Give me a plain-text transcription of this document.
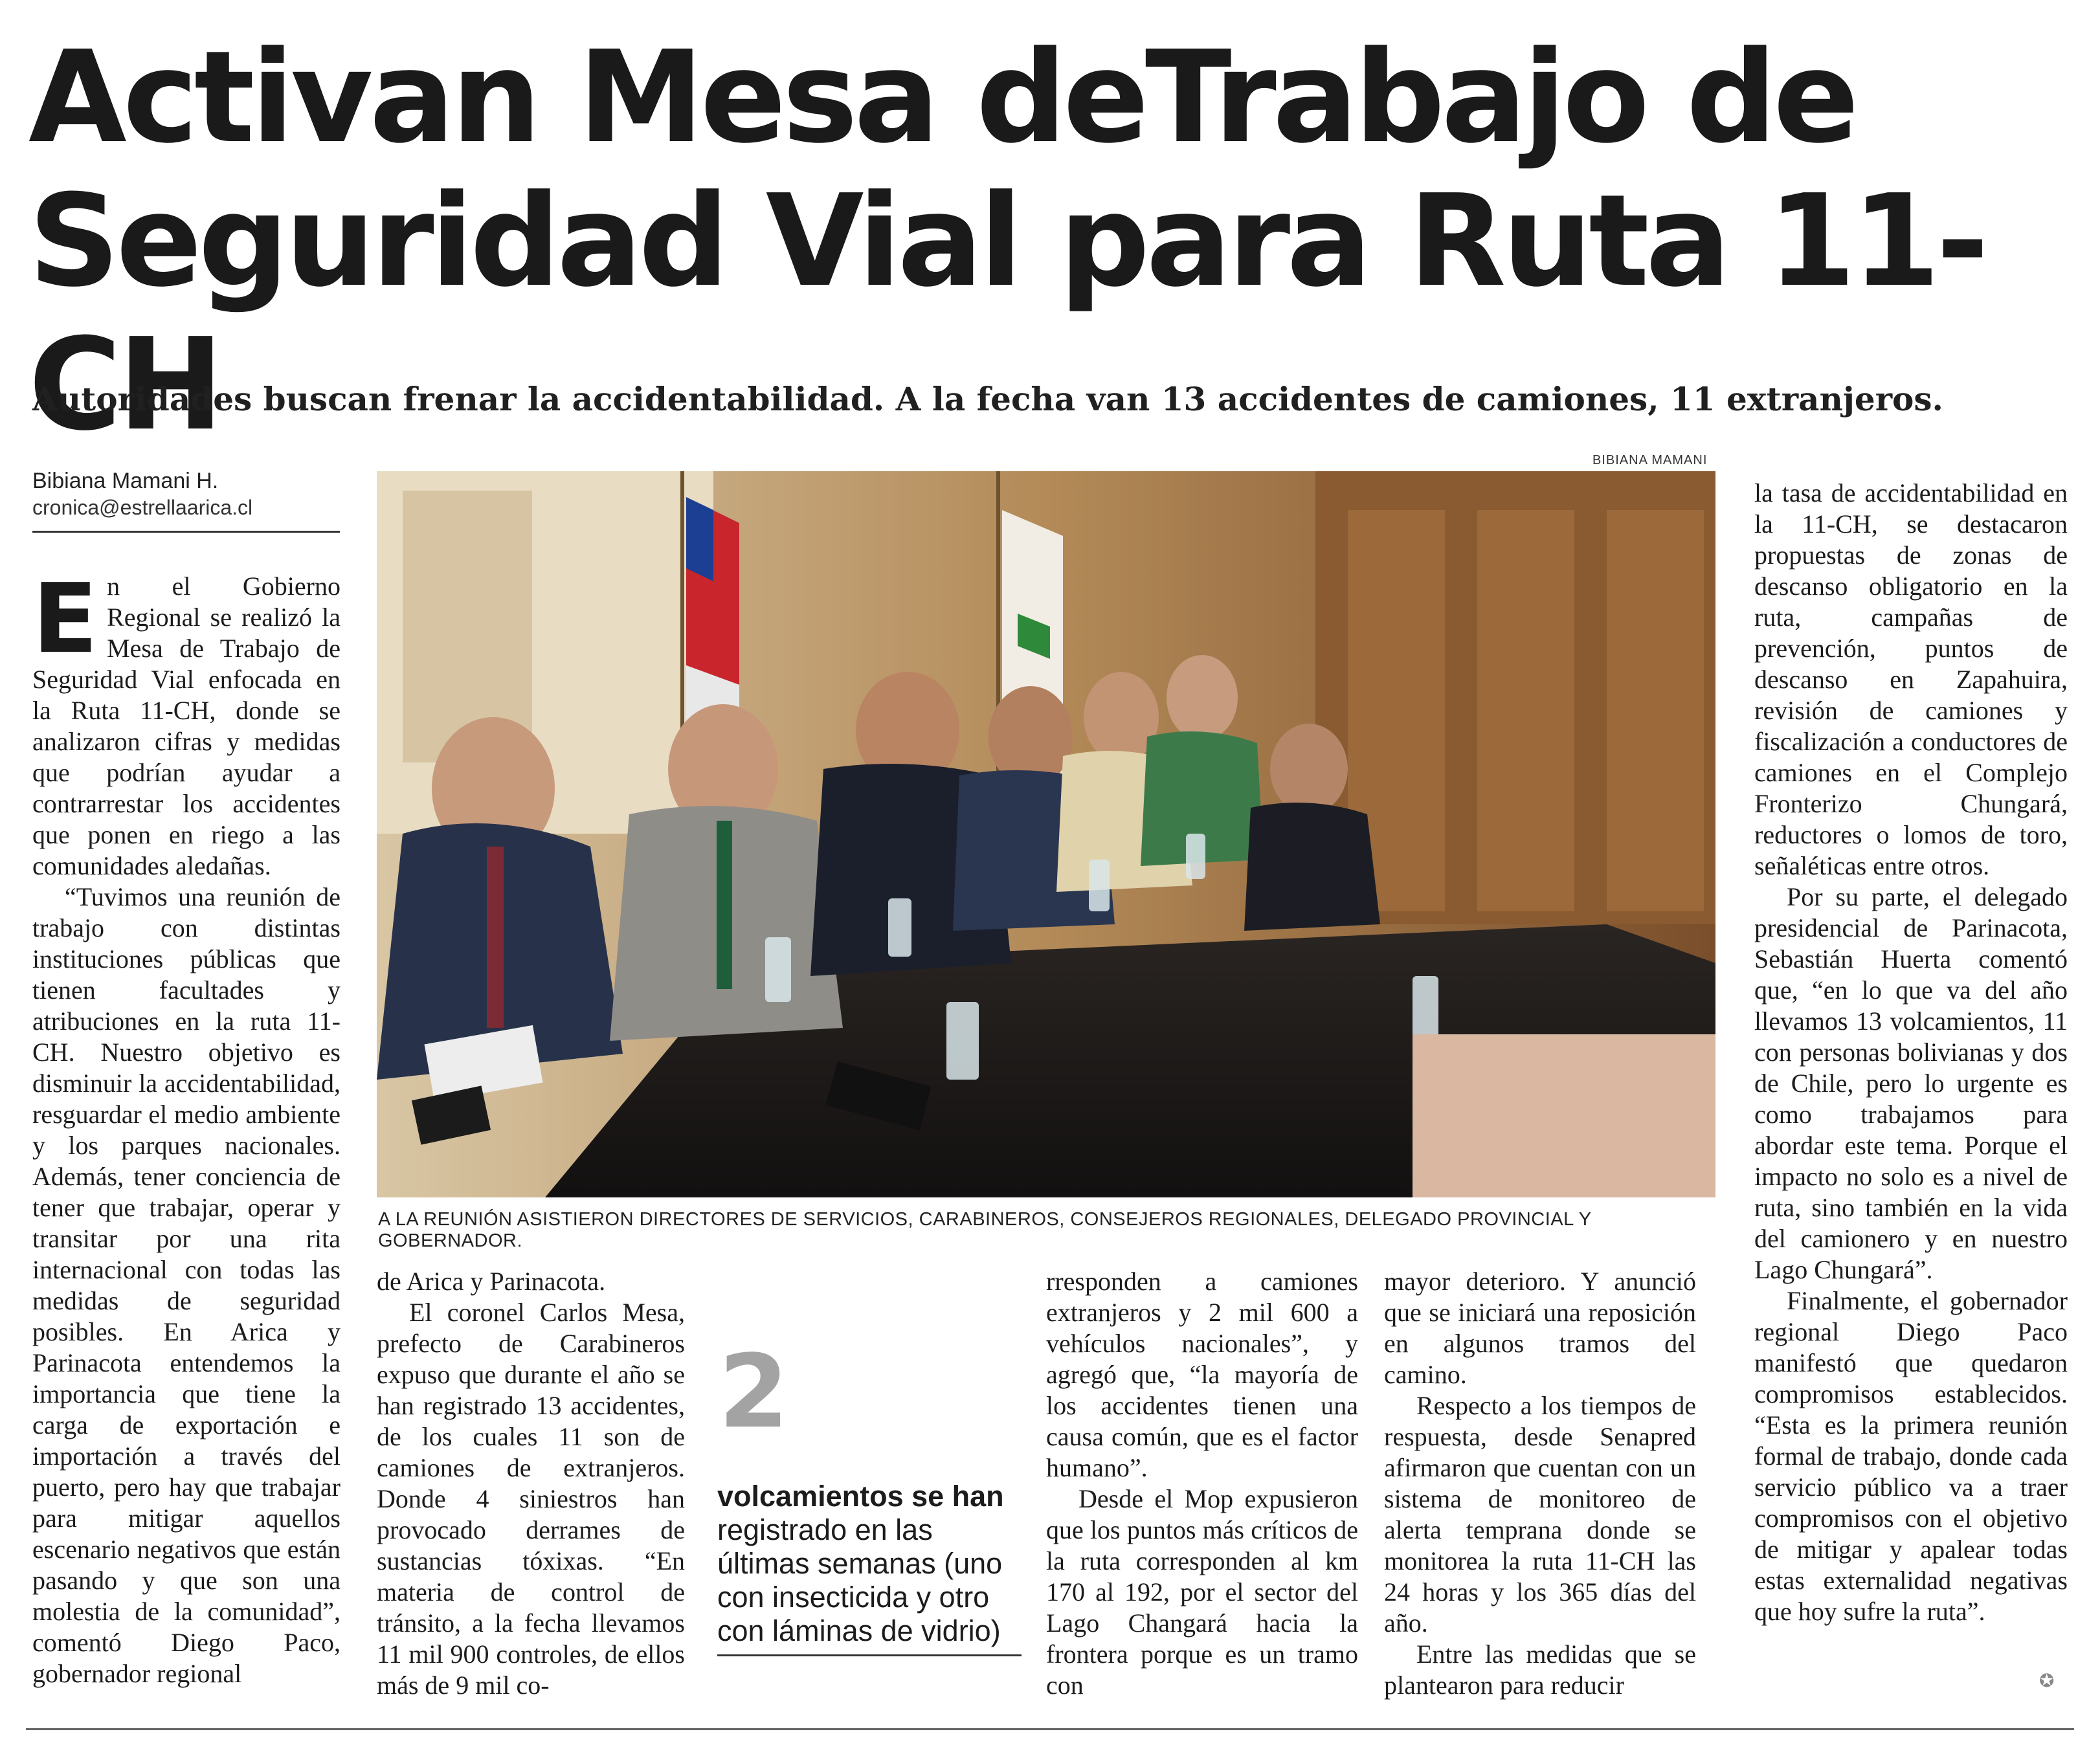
Activan Mesa deTrabajo de
Seguridad Vial para Ruta 11-CH
Autoridades buscan frenar la accidentabilidad. A la fecha van 13 accidentes de camiones, 11 extranjeros.
Bibiana Mamani H.
cronica@estrellaarica.cl

En el Gobierno Regional se realizó la Mesa de Trabajo de Seguridad Vial enfocada en la Ruta 11-CH, donde se analizaron cifras y medidas que podrían ayudar a contrarrestar los accidentes que ponen en riego a las comunidades aledañas.

“Tuvimos una reunión de trabajo con distintas instituciones públicas que tienen facultades y atribuciones en la ruta 11-CH. Nuestro objetivo es disminuir la accidentabilidad, resguardar el medio ambiente y los parques nacionales. Además, tener conciencia de tener que trabajar, operar y transitar por una rita internacional con todas las medidas de seguridad posibles. En Arica y Parinacota entendemos la importancia que tiene la carga de exportación e importación a través del puerto, pero hay que trabajar para mitigar aquellos escenario negativos que están pasando y que son una molestia de la comunidad”, comentó Diego Paco, gobernador regional

BIBIANA MAMANI
A LA REUNIÓN ASISTIERON DIRECTORES DE SERVICIOS, CARABINEROS, CONSEJEROS REGIONALES, DELEGADO PROVINCIAL Y GOBERNADOR.

de Arica y Parinacota.

El coronel Carlos Mesa, prefecto de Carabineros expuso que durante el año se han registrado 13 accidentes, de los cuales 11 son de camiones de extranjeros. Donde 4 siniestros han provocado derrames de sustancias tóxixas. “En materia de control de tránsito, a la fecha llevamos 11 mil 900 controles, de ellos más de 9 mil co-

2
volcamientos se han registrado en las últimas semanas (uno con insecticida y otro con láminas de vidrio)

rresponden a camiones extranjeros y 2 mil 600 a vehículos nacionales”, y agregó que, “la mayoría de los accidentes tienen una causa común, que es el factor humano”.

Desde el Mop expusieron que los puntos más críticos de la ruta corresponden al km 170 al 192, por el sector del Lago Changará hacia la frontera porque es un tramo con

mayor deterioro. Y anunció que se iniciará una reposición en algunos tramos del camino.

Respecto a los tiempos de respuesta, desde Senapred afirmaron que cuentan con un sistema de monitoreo de alerta temprana donde se monitorea la ruta 11-CH las 24 horas y los 365 días del año.

Entre las medidas que se plantearon para reducir

la tasa de accidentabilidad en la 11-CH, se destacaron propuestas de zonas de descanso obligatorio en la ruta, campañas de prevención, puntos de descanso en Zapahuira, revisión de camiones y fiscalización a conductores de camiones en el Complejo Fronterizo Chungará, reductores o lomos de toro, señaléticas entre otros.

Por su parte, el delegado presidencial de Parinacota, Sebastián Huerta comentó que, “en lo que va del año llevamos 13 volcamientos, 11 con personas bolivianas y dos de Chile, pero lo urgente es como trabajamos para abordar este tema. Porque el impacto no solo es a nivel de ruta, sino también en la vida del camionero y en nuestro Lago Chungará”.

Finalmente, el gobernador regional Diego Paco manifestó que quedaron compromisos establecidos. “Esta es la primera reunión formal de trabajo, donde cada servicio público va a traer compromisos con el objetivo de mitigar y apalear todas estas externalidad negativas que hoy sufre la ruta”.

✪
